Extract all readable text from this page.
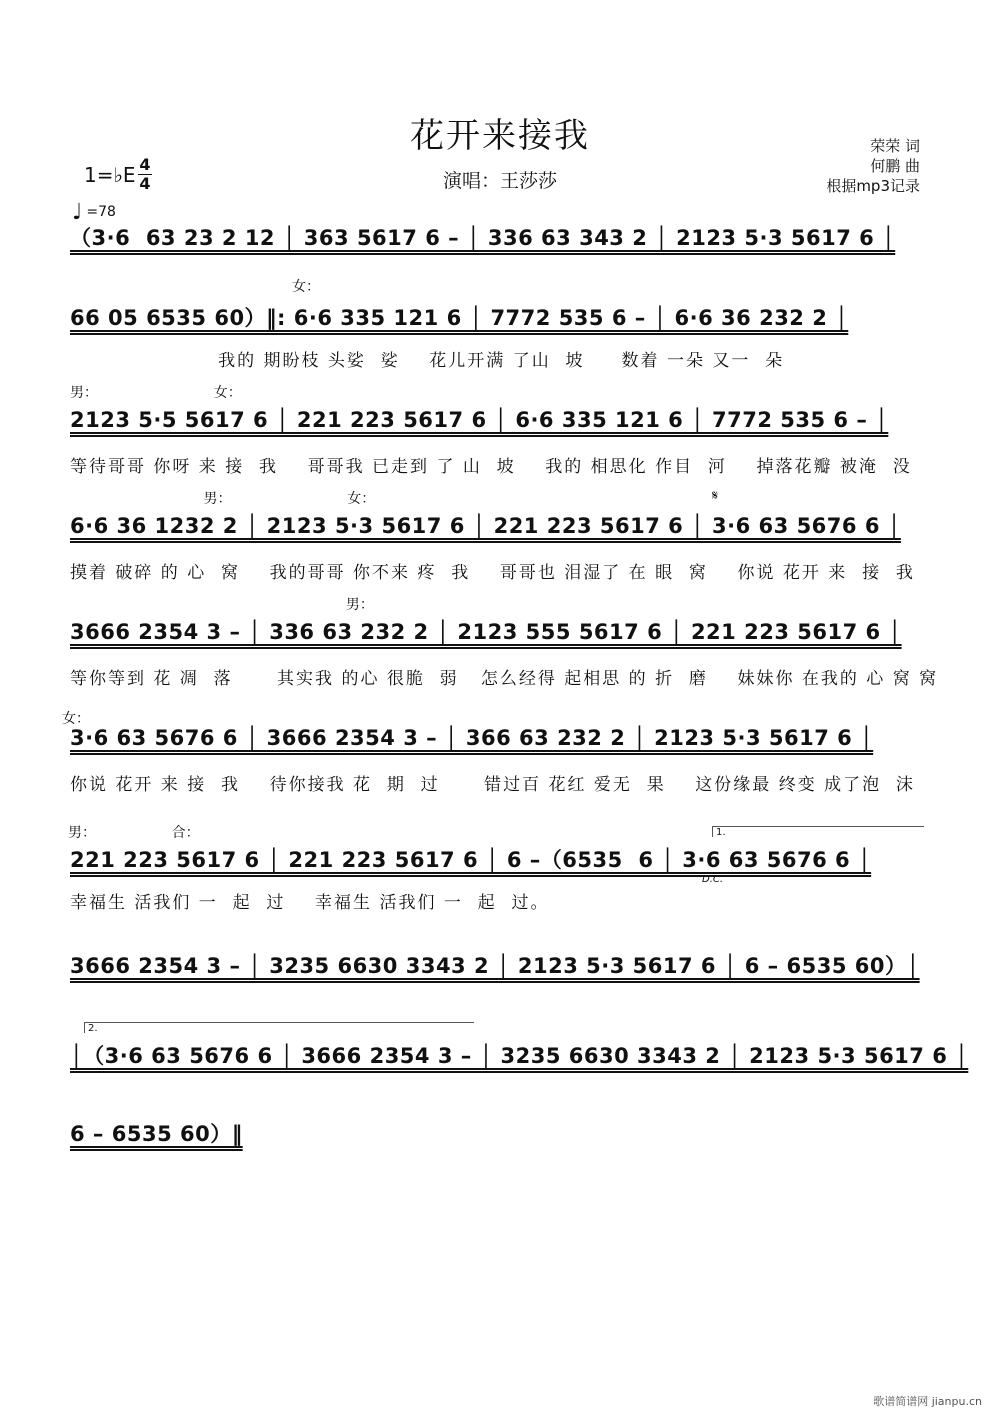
花开来接我
演唱：王莎莎
荣荣 词
何鹏 曲
根据mp3记录
1=♭E 4
4
♩ =78
（3·6  63 23 2 12 │ 363 5617 6 – │ 336 63 343 2 │ 2123 5·3 5617 6 │
女：
66 05 6535 60）‖: 6·6 335 121 6 │ 7772 535 6 – │ 6·6 36 232 2 │
我的 期盼枝 头娑  娑    花儿开满 了山  坡     数着 一朵 又一  朵
男：                          女：
2123 5·5 5617 6 │ 221 223 5617 6 │ 6·6 335 121 6 │ 7772 535 6 – │
等待哥哥 你呀 来 接  我    哥哥我 已走到 了 山  坡    我的 相思化 作目  河    掉落花瓣 被淹  没
男：                          女：	𝄋
6·6 36 1232 2 │ 2123 5·3 5617 6 │ 221 223 5617 6 │ 3·6 63 5676 6 │
摸着 破碎 的 心  窝    我的哥哥 你不来 疼  我    哥哥也 泪湿了 在 眼  窝    你说 花开 来  接  我
男：
3666 2354 3 – │ 336 63 232 2 │ 2123 555 5617 6 │ 221 223 5617 6 │
等你等到 花 凋  落      其实我 的心 很脆  弱   怎么经得 起相思 的 折  磨    妹妹你 在我的 心 窝 窝
女：
3·6 63 5676 6 │ 3666 2354 3 – │ 366 63 232 2 │ 2123 5·3 5617 6 │
你说 花开 来 接  我    待你接我 花  期  过      错过百 花红 爱无  果    这份缘最 终变 成了泡  沫
男：                 合：	1.
D.C.
221 223 5617 6 │ 221 223 5617 6 │ 6 –（6535  6 │ 3·6 63 5676 6 │
幸福生 活我们 一  起  过    幸福生 活我们 一  起  过。
3666 2354 3 – │ 3235 6630 3343 2 │ 2123 5·3 5617 6 │ 6 – 6535 60）│
2.
│（3·6 63 5676 6 │ 3666 2354 3 – │ 3235 6630 3343 2 │ 2123 5·3 5617 6 │
6 – 6535 60）‖
歌谱简谱网 jianpu.cn
